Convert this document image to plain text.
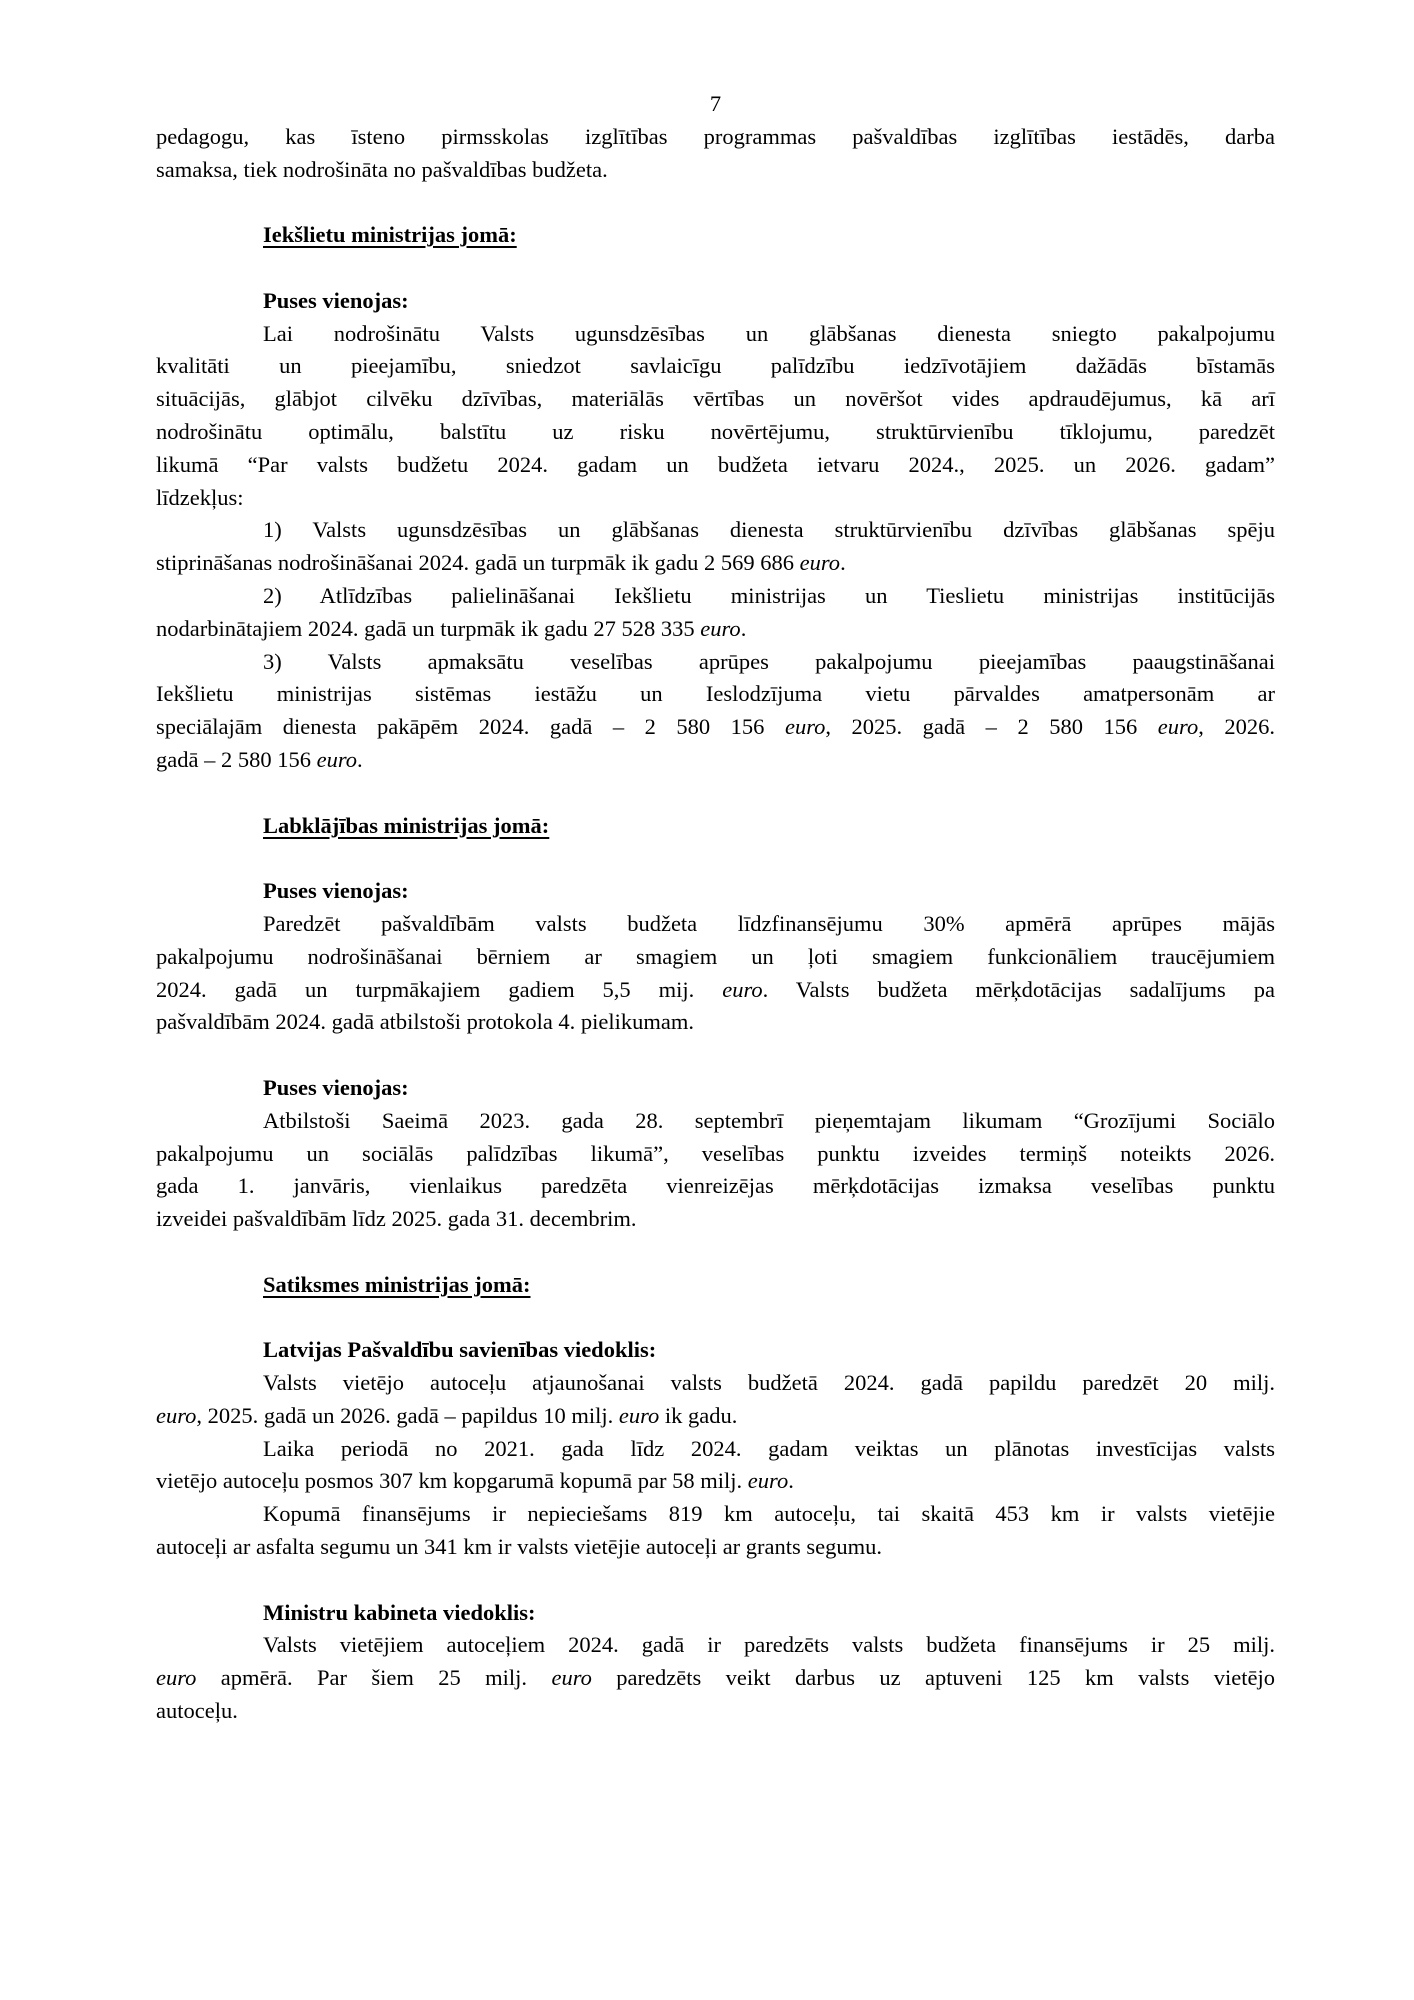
7
pedagogu, kas īsteno pirmsskolas izglītības programmas pašvaldības izglītības iestādēs, darba
samaksa, tiek nodrošināta no pašvaldības budžeta.
Iekšlietu ministrijas jomā:
Puses vienojas:
Lai nodrošinātu Valsts ugunsdzēsības un glābšanas dienesta sniegto pakalpojumu
kvalitāti un pieejamību, sniedzot savlaicīgu palīdzību iedzīvotājiem dažādās bīstamās
situācijās, glābjot cilvēku dzīvības, materiālās vērtības un novēršot vides apdraudējumus, kā arī
nodrošinātu optimālu, balstītu uz risku novērtējumu, struktūrvienību tīklojumu, paredzēt
likumā “Par valsts budžetu 2024. gadam un budžeta ietvaru 2024., 2025. un 2026. gadam”
līdzekļus:
1) Valsts ugunsdzēsības un glābšanas dienesta struktūrvienību dzīvības glābšanas spēju
stiprināšanas nodrošināšanai 2024. gadā un turpmāk ik gadu 2 569 686 euro.
2) Atlīdzības palielināšanai Iekšlietu ministrijas un Tieslietu ministrijas institūcijās
nodarbinātajiem 2024. gadā un turpmāk ik gadu 27 528 335 euro.
3) Valsts apmaksātu veselības aprūpes pakalpojumu pieejamības paaugstināšanai
Iekšlietu ministrijas sistēmas iestāžu un Ieslodzījuma vietu pārvaldes amatpersonām ar
speciālajām dienesta pakāpēm 2024. gadā – 2 580 156 euro, 2025. gadā – 2 580 156 euro, 2026.
gadā – 2 580 156 euro.
Labklājības ministrijas jomā:
Puses vienojas:
Paredzēt pašvaldībām valsts budžeta līdzfinansējumu 30% apmērā aprūpes mājās
pakalpojumu nodrošināšanai bērniem ar smagiem un ļoti smagiem funkcionāliem traucējumiem
2024. gadā un turpmākajiem gadiem 5,5 mij. euro. Valsts budžeta mērķdotācijas sadalījums pa
pašvaldībām 2024. gadā atbilstoši protokola 4. pielikumam.
Puses vienojas:
Atbilstoši Saeimā 2023. gada 28. septembrī pieņemtajam likumam “Grozījumi Sociālo
pakalpojumu un sociālās palīdzības likumā”, veselības punktu izveides termiņš noteikts 2026.
gada 1. janvāris, vienlaikus paredzēta vienreizējas mērķdotācijas izmaksa veselības punktu
izveidei pašvaldībām līdz 2025. gada 31. decembrim.
Satiksmes ministrijas jomā:
Latvijas Pašvaldību savienības viedoklis:
Valsts vietējo autoceļu atjaunošanai valsts budžetā 2024. gadā papildu paredzēt 20 milj.
euro, 2025. gadā un 2026. gadā – papildus 10 milj. euro ik gadu.
Laika periodā no 2021. gada līdz 2024. gadam veiktas un plānotas investīcijas valsts
vietējo autoceļu posmos 307 km kopgarumā kopumā par 58 milj. euro.
Kopumā finansējums ir nepieciešams 819 km autoceļu, tai skaitā 453 km ir valsts vietējie
autoceļi ar asfalta segumu un 341 km ir valsts vietējie autoceļi ar grants segumu.
Ministru kabineta viedoklis:
Valsts vietējiem autoceļiem 2024. gadā ir paredzēts valsts budžeta finansējums ir 25 milj.
euro apmērā. Par šiem 25 milj. euro paredzēts veikt darbus uz aptuveni 125 km valsts vietējo
autoceļu.
